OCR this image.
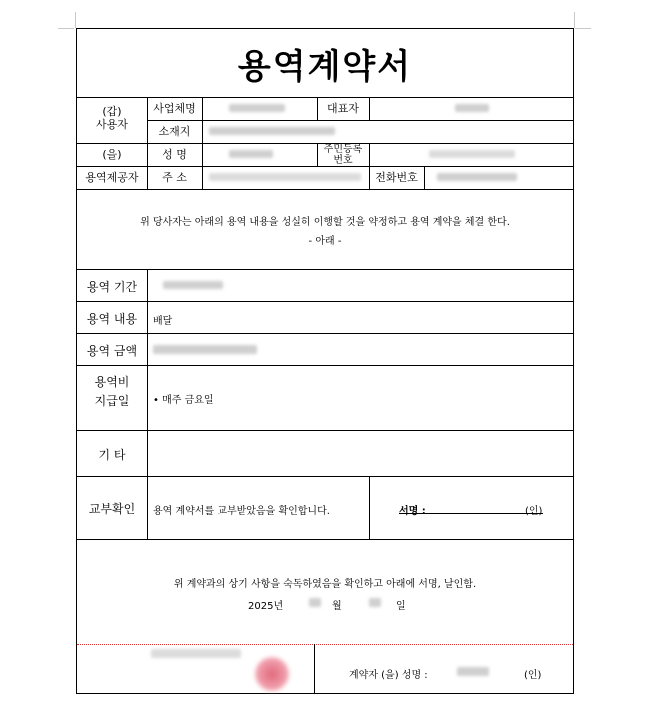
용역계약서
(갑)
사용자
사업체명	대표자
소재지
(을)	성 명	주민등록
번호
용역제공자	주 소	전화번호
위 당사자는 아래의 용역 내용을 성실히 이행할 것을 약정하고 용역 계약을 체결 한다.
- 아래 -
용역 기간
용역 내용	배달
용역 금액
용역비
지급일	• 매주 금요일
기 타
교부확인	용역 계약서를 교부받았음을 확인합니다.	서명 :	(인)
위 계약과의 상기 사항을 숙독하였음을 확인하고 아래에 서명, 날인함.
2025년	월	일
계약자 (을) 성명 :	(인)
